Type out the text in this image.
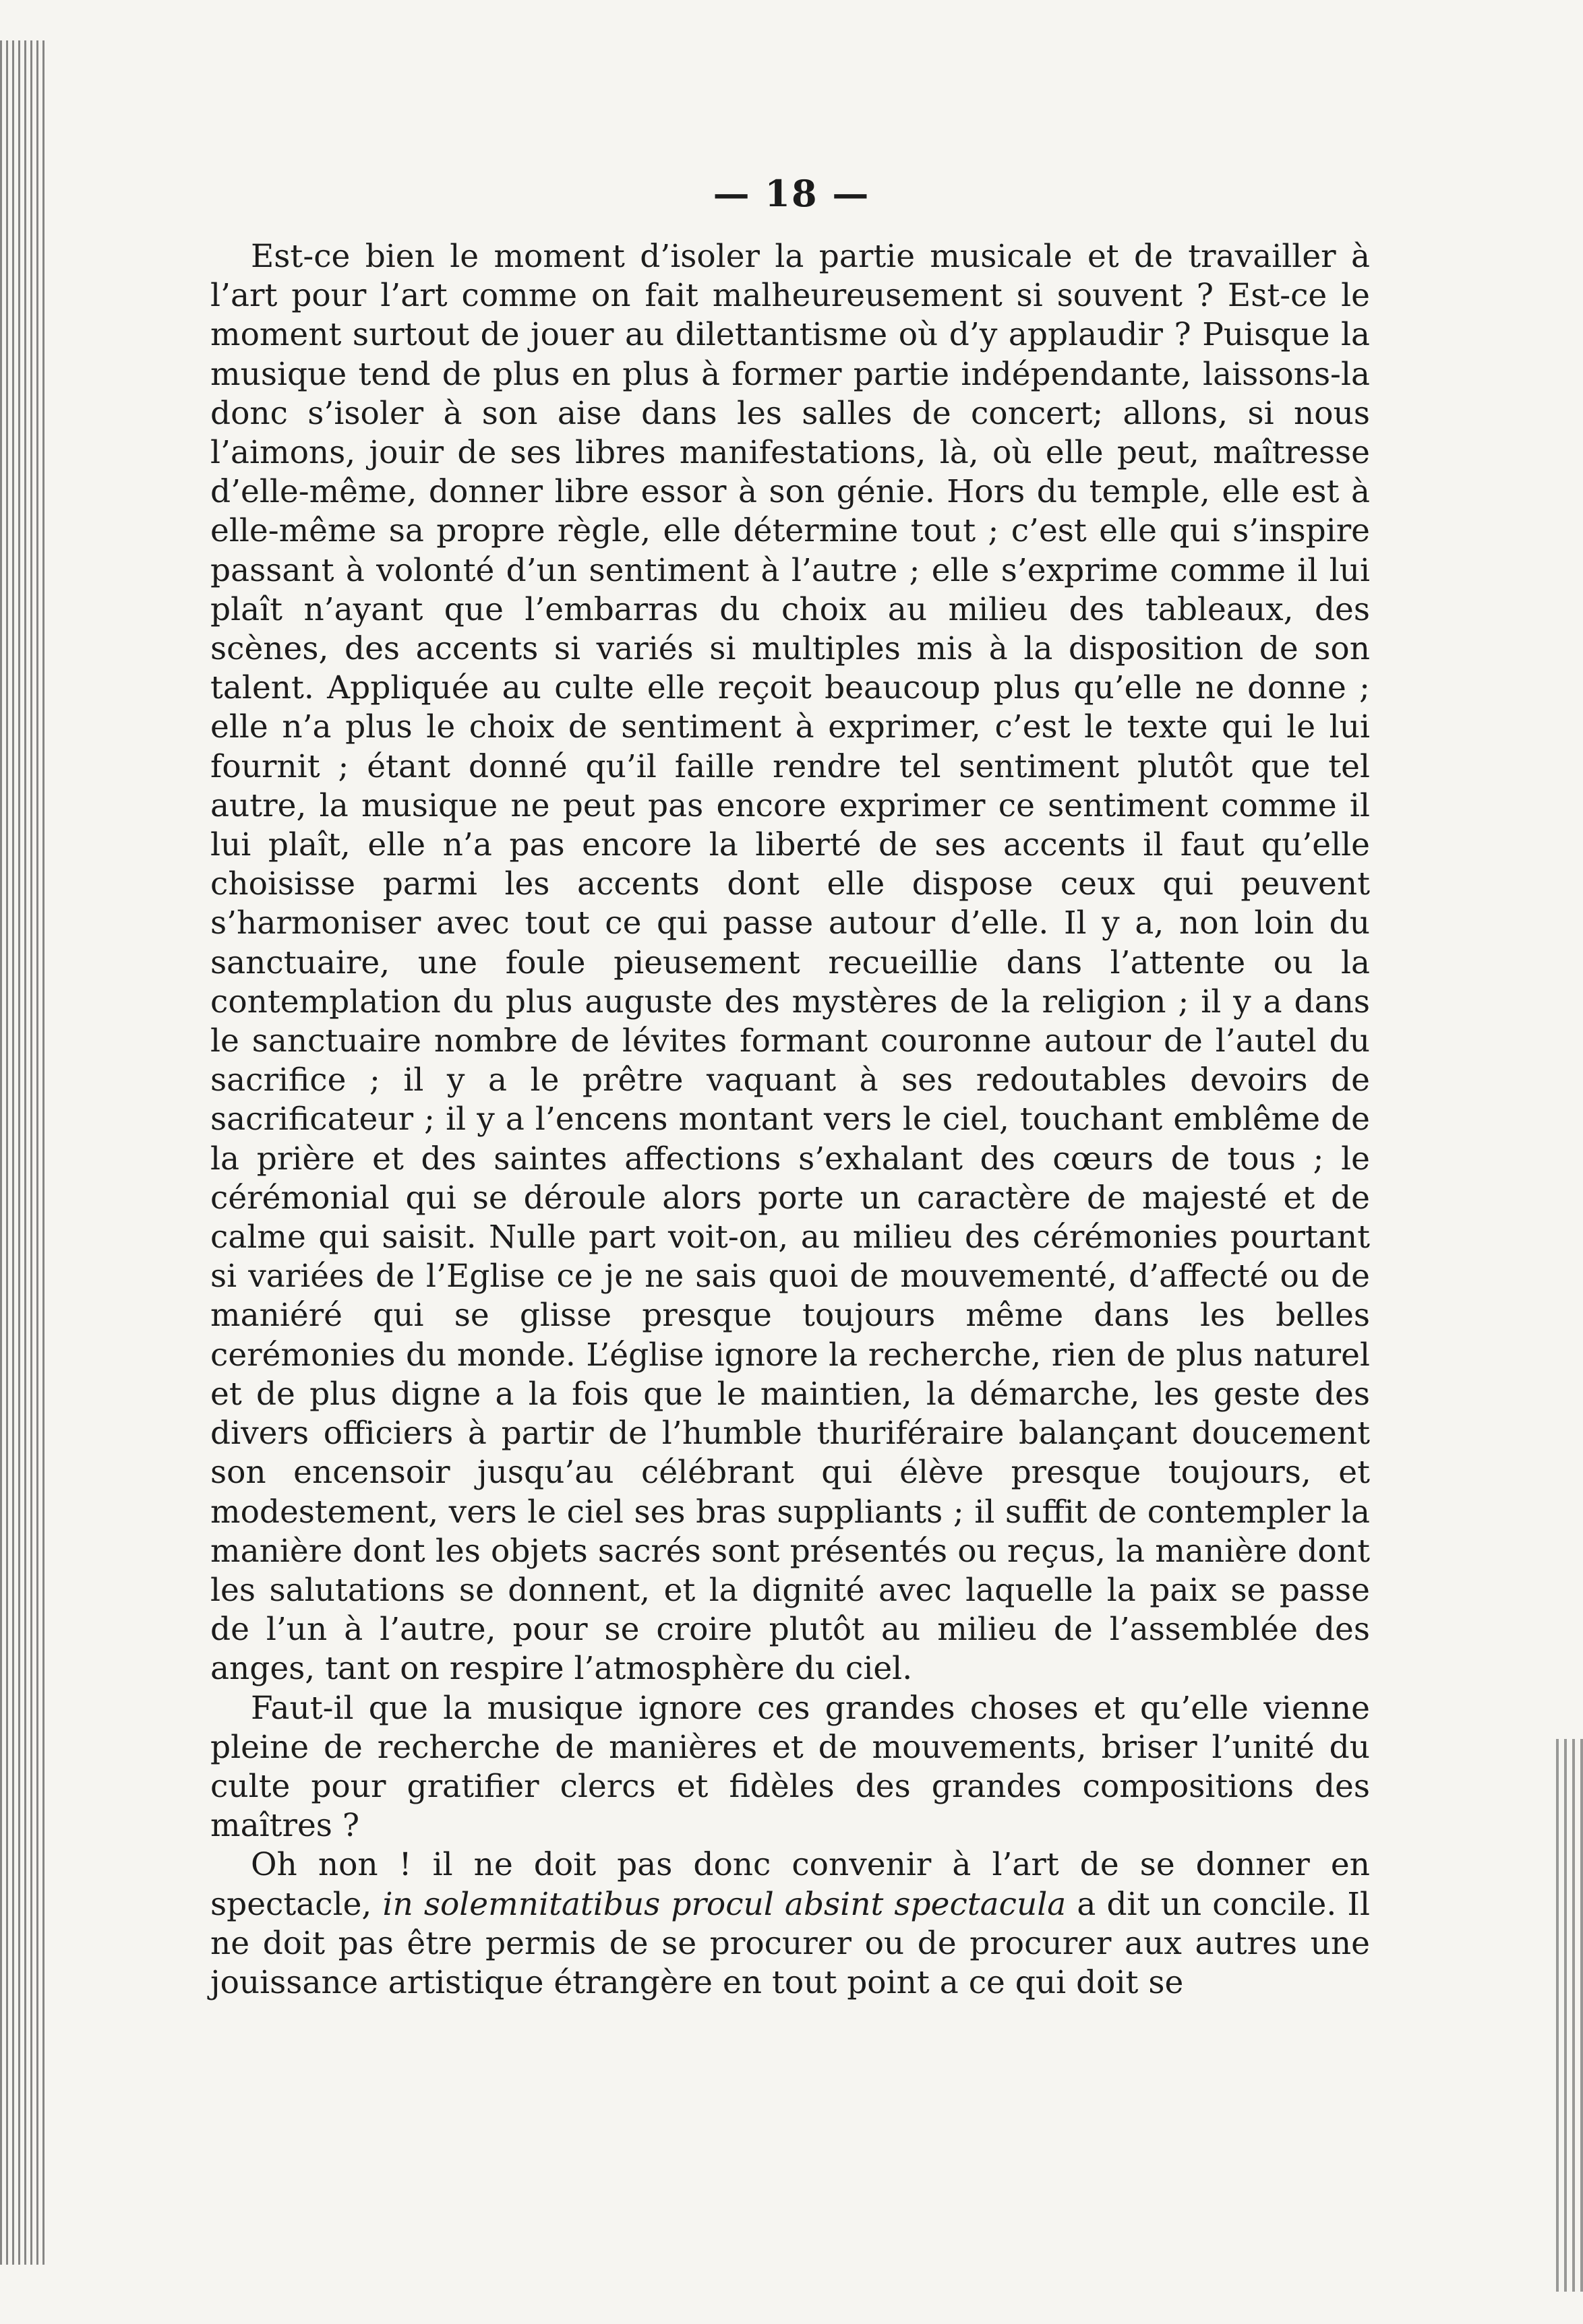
— 18 —

Est-ce bien le moment d’isoler la partie musicale et de travailler à l’art pour l’art comme on fait malheureusement si souvent ? Est-ce le moment surtout de jouer au dilettantisme où d’y applaudir ? Puisque la musique tend de plus en plus à former partie indépendante, laissons-la donc s’isoler à son aise dans les salles de concert; allons, si nous l’aimons, jouir de ses libres manifestations, là, où elle peut, maîtresse d’elle-même, donner libre essor à son génie. Hors du temple, elle est à elle-même sa propre règle, elle détermine tout ; c’est elle qui s’inspire passant à volonté d’un sentiment à l’autre ; elle s’exprime comme il lui plaît n’ayant que l’embarras du choix au milieu des tableaux, des scènes, des accents si variés si multiples mis à la disposition de son talent. Appliquée au culte elle reçoit beaucoup plus qu’elle ne donne ; elle n’a plus le choix de sentiment à exprimer, c’est le texte qui le lui fournit ; étant donné qu’il faille rendre tel sentiment plutôt que tel autre, la musique ne peut pas encore exprimer ce sentiment comme il lui plaît, elle n’a pas encore la liberté de ses accents il faut qu’elle choisisse parmi les accents dont elle dispose ceux qui peuvent s’harmoniser avec tout ce qui passe autour d’elle. Il y a, non loin du sanctuaire, une foule pieusement recueillie dans l’attente ou la contemplation du plus auguste des mystères de la religion ; il y a dans le sanctuaire nombre de lévites formant couronne autour de l’autel du sacrifice ; il y a le prêtre vaquant à ses redoutables devoirs de sacrificateur ; il y a l’encens montant vers le ciel, touchant emblême de la prière et des saintes affections s’exhalant des cœurs de tous ; le cérémonial qui se déroule alors porte un caractère de majesté et de calme qui saisit. Nulle part voit-on, au milieu des cérémonies pourtant si variées de l’Eglise ce je ne sais quoi de mouvementé, d’affecté ou de maniéré qui se glisse presque toujours même dans les belles cerémonies du monde. L’église ignore la recherche, rien de plus naturel et de plus digne a la fois que le maintien, la démarche, les geste des divers officiers à partir de l’humble thuriféraire balançant doucement son encensoir jusqu’au célébrant qui élève presque toujours, et modestement, vers le ciel ses bras suppliants ; il suffit de contempler la manière dont les objets sacrés sont présentés ou reçus, la manière dont les salutations se donnent, et la dignité avec laquelle la paix se passe de l’un à l’autre, pour se croire plutôt au milieu de l’assemblée des anges, tant on respire l’atmosphère du ciel.

Faut-il que la musique ignore ces grandes choses et qu’elle vienne pleine de recherche de manières et de mouvements, briser l’unité du culte pour gratifier clercs et fidèles des grandes compositions des maîtres ?

Oh non ! il ne doit pas donc convenir à l’art de se donner en spectacle, in solemnitatibus procul absint spectacula a dit un concile. Il ne doit pas être permis de se procurer ou de procurer aux autres une jouissance artistique étrangère en tout point a ce qui doit se
